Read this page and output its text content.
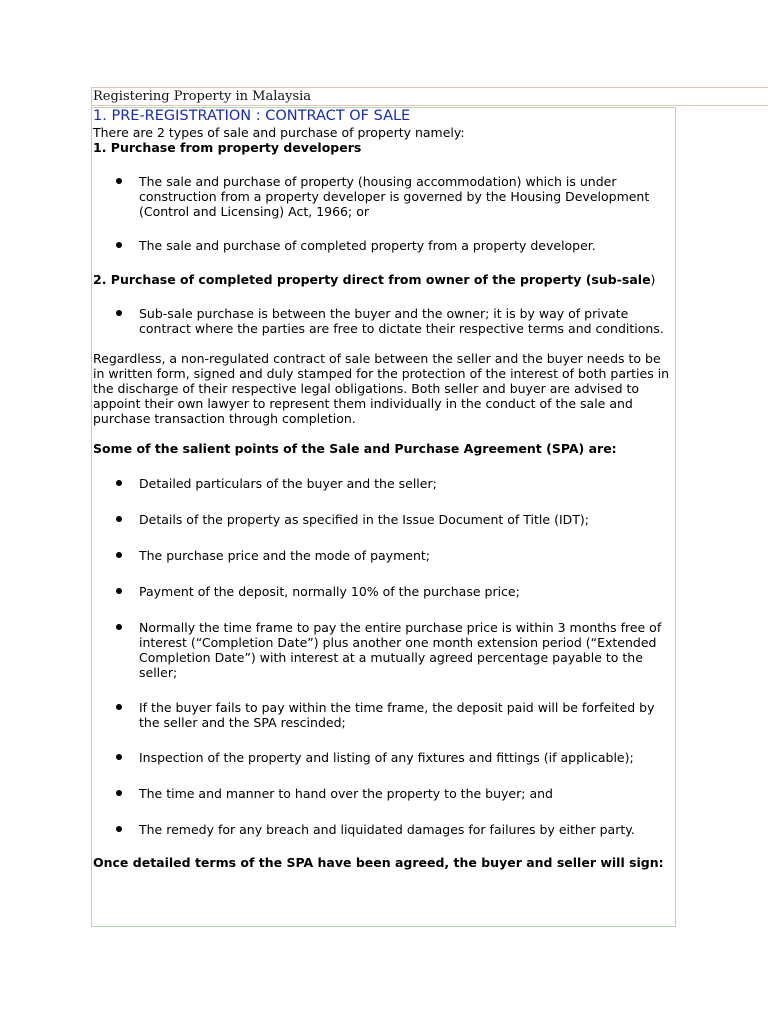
Registering Property in Malaysia
1. PRE-REGISTRATION : CONTRACT OF SALE

There are 2 types of sale and purchase of property namely:

1. Purchase from property developers

The sale and purchase of property (housing accommodation) which is under construction from a property developer is governed by the Housing Development (Control and Licensing) Act, 1966; or
The sale and purchase of completed property from a property developer.

2. Purchase of completed property direct from owner of the property (sub-sale)

Sub-sale purchase is between the buyer and the owner; it is by way of private contract where the parties are free to dictate their respective terms and conditions.

Regardless, a non-regulated contract of sale between the seller and the buyer needs to be in written form, signed and duly stamped for the protection of the interest of both parties in the discharge of their respective legal obligations. Both seller and buyer are advised to appoint their own lawyer to represent them individually in the conduct of the sale and purchase transaction through completion.

Some of the salient points of the Sale and Purchase Agreement (SPA) are:

Detailed particulars of the buyer and the seller;
Details of the property as specified in the Issue Document of Title (IDT);
The purchase price and the mode of payment;
Payment of the deposit, normally 10% of the purchase price;
Normally the time frame to pay the entire purchase price is within 3 months free of interest (“Completion Date”) plus another one month extension period (“Extended Completion Date”) with interest at a mutually agreed percentage payable to the seller;
If the buyer fails to pay within the time frame, the deposit paid will be forfeited by the seller and the SPA rescinded;
Inspection of the property and listing of any fixtures and fittings (if applicable);
The time and manner to hand over the property to the buyer; and
The remedy for any breach and liquidated damages for failures by either party.

Once detailed terms of the SPA have been agreed, the buyer and seller will sign:
